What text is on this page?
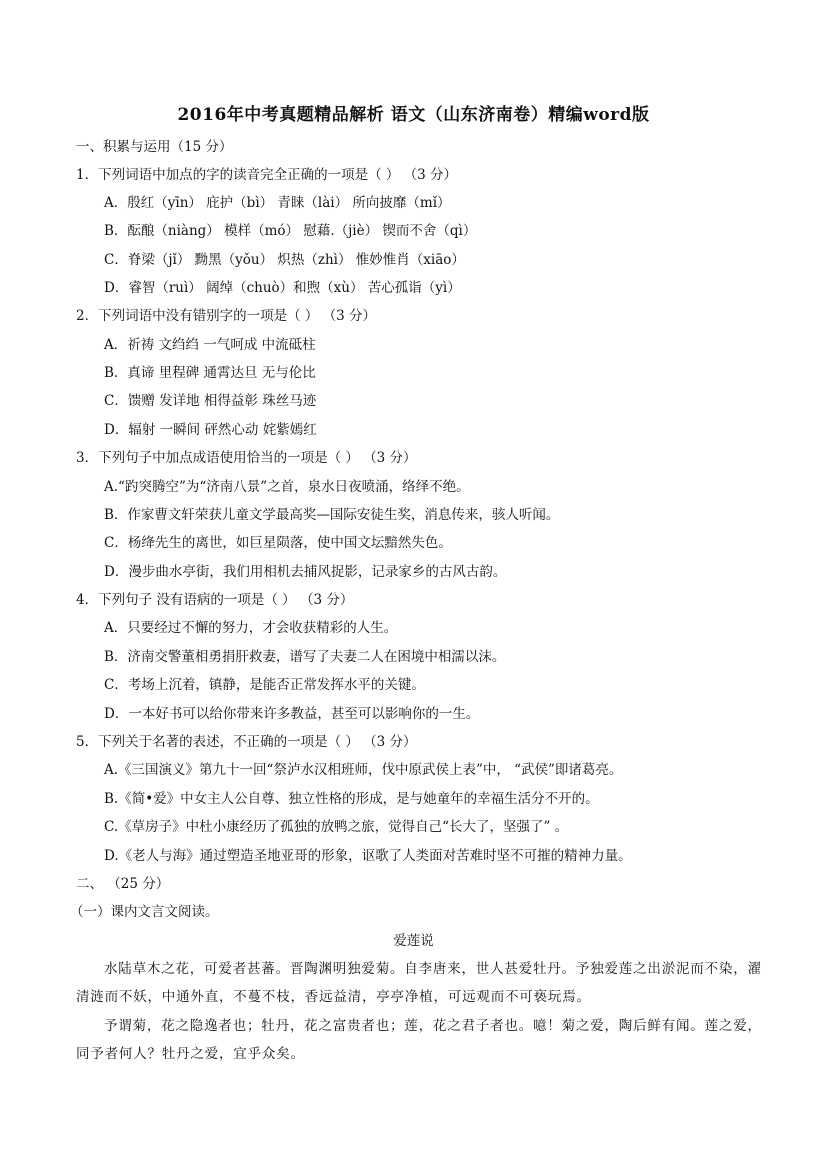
2016年中考真题精品解析 语文（山东济南卷）精编word版
一、积累与运用（15 分）
1．下列词语中加点的字的读音完全正确的一项是（ ） （3 分）
A．殷红（yīn） 庇护（bì） 青睐（lài） 所向披靡（mǐ）
B．酝酿（niàng） 模样（mó） 慰藉.（jiè） 锲而不舍（qì）
C．脊梁（jǐ） 黝黑（yǒu） 炽热（zhì） 惟妙惟肖（xiāo）
D．睿智（ruì） 阔绰（chuò）和煦（xù） 苦心孤诣（yì）
2．下列词语中没有错别字的一项是（ ） （3 分）
A．祈祷 文绉绉 一气呵成 中流砥柱
B．真谛 里程碑 通霄达旦 无与伦比
C．馈赠 发详地 相得益彰 珠丝马迹
D．辐射 一瞬间 砰然心动 姹紫嫣红
3．下列句子中加点成语使用恰当的一项是（ ） （3 分）
A.“趵突腾空”为“济南八景”之首，泉水日夜喷涌，络绎不绝。
B．作家曹文轩荣获儿童文学最高奖—国际安徒生奖，消息传来，骇人听闻。
C．杨绛先生的离世，如巨星陨落，使中国文坛黯然失色。
D．漫步曲水亭街，我们用相机去捕风捉影，记录家乡的古风古韵。
4．下列句子 没有语病的一项是（ ） （3 分）
A．只要经过不懈的努力，才会收获精彩的人生。
B．济南交警董相勇捐肝救妻，谱写了夫妻二人在困境中相濡以沫。
C．考场上沉着，镇静，是能否正常发挥水平的关键。
D．一本好书可以给你带来许多教益，甚至可以影响你的一生。
5．下列关于名著的表述，不正确的一项是（ ） （3 分）
A.《三国演义》第九十一回“祭泸水汉相班师，伐中原武侯上表”中， “武侯”即诸葛亮。
B.《简•爱》中女主人公自尊、独立性格的形成，是与她童年的幸福生活分不开的。
C.《草房子》中杜小康经历了孤独的放鸭之旅，觉得自己“长大了，坚强了” 。
D.《老人与海》通过塑造圣地亚哥的形象，讴歌了人类面对苦难时坚不可摧的精神力量。
二、 （25 分）
（一）课内文言文阅读。
爱莲说
水陆草木之花，可爱者甚蕃。晋陶渊明独爱菊。自李唐来，世人甚爱牡丹。予独爱莲之出淤泥而不染，濯清涟而不妖，中通外直，不蔓不枝，香远益清，亭亭净植，可远观而不可亵玩焉。
予谓菊，花之隐逸者也；牡丹，花之富贵者也；莲，花之君子者也。噫！菊之爱，陶后鲜有闻。莲之爱，同予者何人？牡丹之爱，宜乎众矣。
